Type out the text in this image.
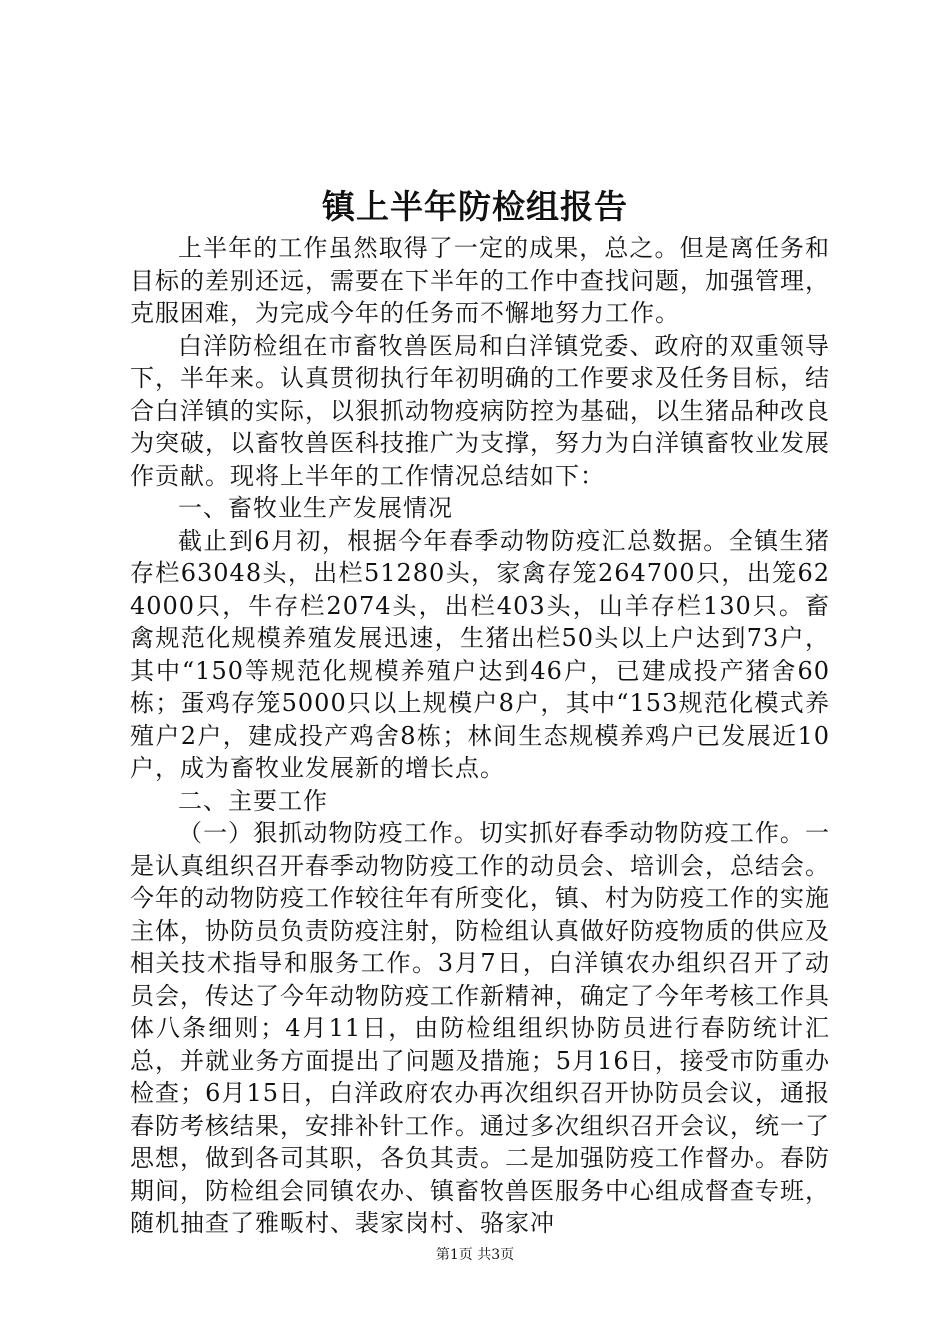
镇上半年防检组报告

上半年的工作虽然取得了一定的成果，总之。但是离任务和目标的差别还远，需要在下半年的工作中查找问题，加强管理，克服困难，为完成今年的任务而不懈地努力工作。

白洋防检组在市畜牧兽医局和白洋镇党委、政府的双重领导下，半年来。认真贯彻执行年初明确的工作要求及任务目标，结合白洋镇的实际，以狠抓动物疫病防控为基础，以生猪品种改良为突破，以畜牧兽医科技推广为支撑，努力为白洋镇畜牧业发展作贡献。现将上半年的工作情况总结如下：

一、畜牧业生产发展情况

截止到6月初，根据今年春季动物防疫汇总数据。全镇生猪存栏63048头，出栏51280头，家禽存笼264700只，出笼624000只，牛存栏2074头，出栏403头，山羊存栏130只。畜禽规范化规模养殖发展迅速，生猪出栏50头以上户达到73户，其中“150等规范化规模养殖户达到46户，已建成投产猪舍60栋；蛋鸡存笼5000只以上规模户8户，其中“153规范化模式养殖户2户，建成投产鸡舍8栋；林间生态规模养鸡户已发展近10户，成为畜牧业发展新的增长点。

二、主要工作

（一）狠抓动物防疫工作。切实抓好春季动物防疫工作。一是认真组织召开春季动物防疫工作的动员会、培训会，总结会。今年的动物防疫工作较往年有所变化，镇、村为防疫工作的实施主体，协防员负责防疫注射，防检组认真做好防疫物质的供应及相关技术指导和服务工作。3月7日，白洋镇农办组织召开了动员会，传达了今年动物防疫工作新精神，确定了今年考核工作具体八条细则；4月11日，由防检组组织协防员进行春防统计汇总，并就业务方面提出了问题及措施；5月16日，接受市防重办检查；6月15日，白洋政府农办再次组织召开协防员会议，通报春防考核结果，安排补针工作。通过多次组织召开会议，统一了思想，做到各司其职，各负其责。二是加强防疫工作督办。春防期间，防检组会同镇农办、镇畜牧兽医服务中心组成督查专班，随机抽查了雅畈村、裴家岗村、骆家冲

第1页 共3页
